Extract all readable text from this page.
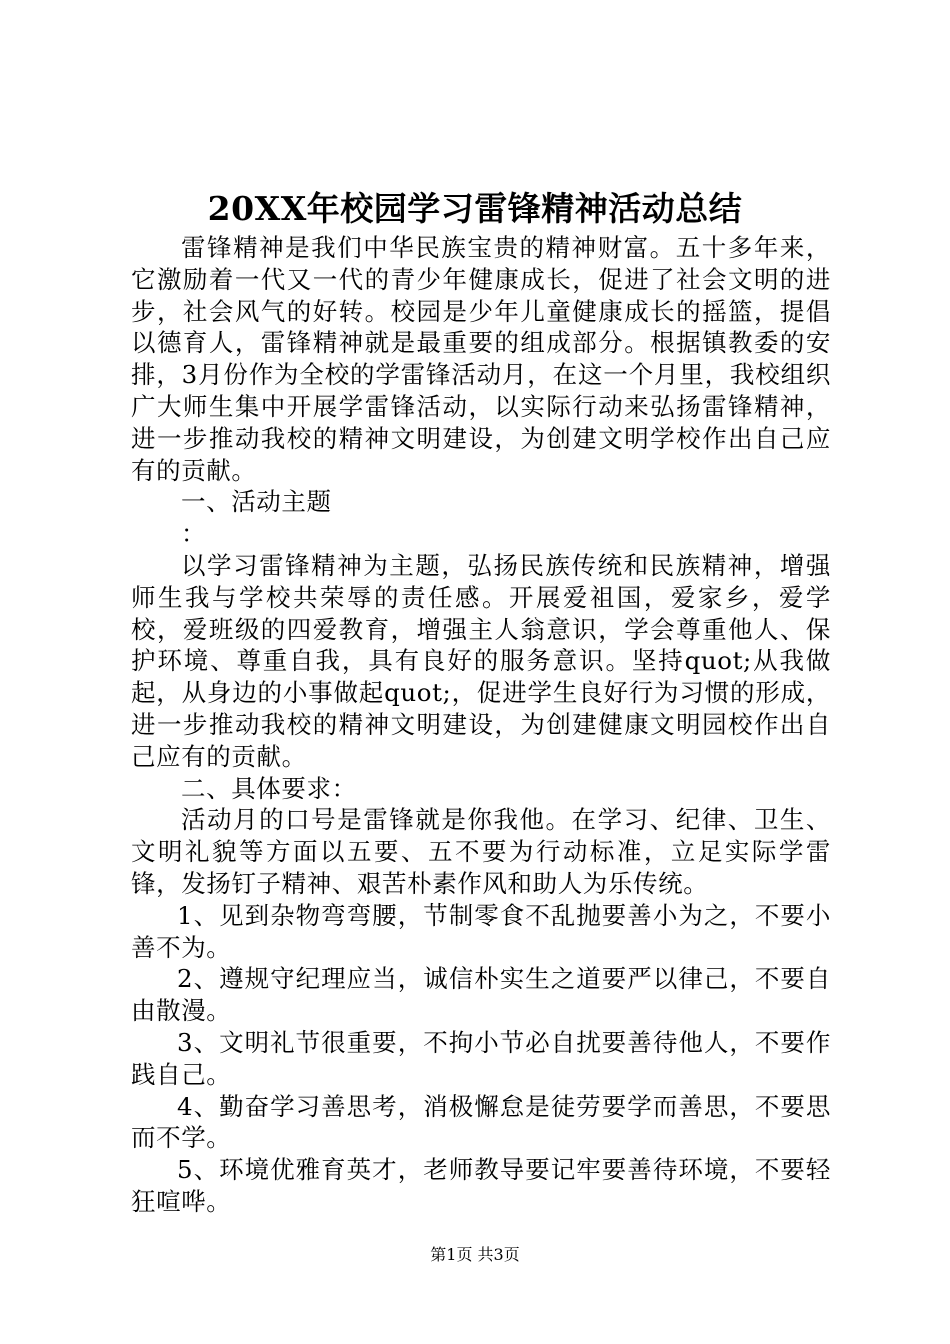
20XX年校园学习雷锋精神活动总结

雷锋精神是我们中华民族宝贵的精神财富。五十多年来，它激励着一代又一代的青少年健康成长，促进了社会文明的进步，社会风气的好转。校园是少年儿童健康成长的摇篮，提倡以德育人，雷锋精神就是最重要的组成部分。根据镇教委的安排，3月份作为全校的学雷锋活动月，在这一个月里，我校组织广大师生集中开展学雷锋活动，以实际行动来弘扬雷锋精神，进一步推动我校的精神文明建设，为创建文明学校作出自己应有的贡献。

一、活动主题

：

以学习雷锋精神为主题，弘扬民族传统和民族精神，增强师生我与学校共荣辱的责任感。开展爱祖国，爱家乡，爱学校，爱班级的四爱教育，增强主人翁意识，学会尊重他人、保护环境、尊重自我，具有良好的服务意识。坚持quot;从我做起，从身边的小事做起quot;，促进学生良好行为习惯的形成，进一步推动我校的精神文明建设，为创建健康文明园校作出自己应有的贡献。

二、具体要求：

活动月的口号是雷锋就是你我他。在学习、纪律、卫生、文明礼貌等方面以五要、五不要为行动标准，立足实际学雷锋，发扬钉子精神、艰苦朴素作风和助人为乐传统。

1、见到杂物弯弯腰，节制零食不乱抛要善小为之，不要小善不为。

2、遵规守纪理应当，诚信朴实生之道要严以律己，不要自由散漫。

3、文明礼节很重要，不拘小节必自扰要善待他人，不要作践自己。

4、勤奋学习善思考，消极懈怠是徒劳要学而善思，不要思而不学。

5、环境优雅育英才，老师教导要记牢要善待环境，不要轻狂喧哗。

第1页 共3页
